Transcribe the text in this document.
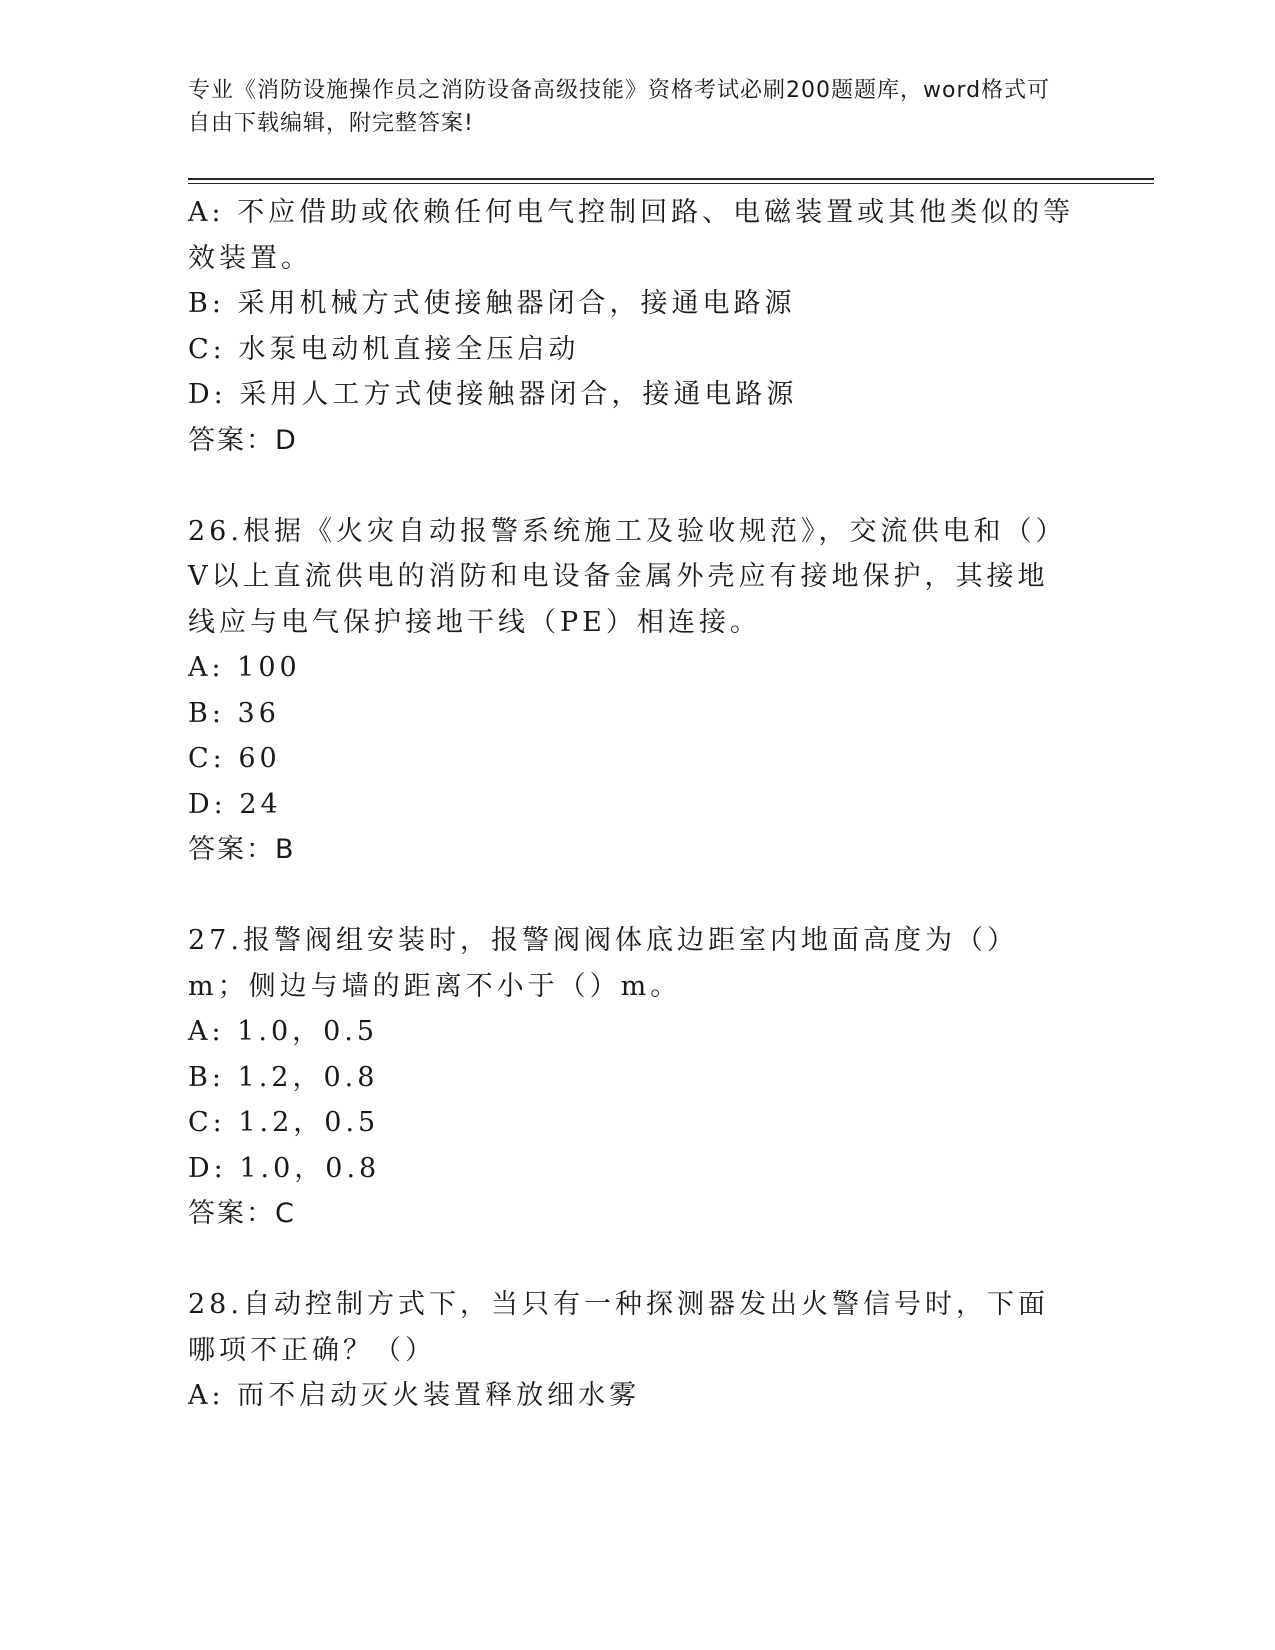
专业《消防设施操作员之消防设备高级技能》资格考试必刷200题题库，word格式可自由下载编辑，附完整答案!
A: 不应借助或依赖任何电气控制回路、电磁装置或其他类似的等效装置。
B: 采用机械方式使接触器闭合，接通电路源
C: 水泵电动机直接全压启动
D: 采用人工方式使接触器闭合，接通电路源
答案：D
26.根据《火灾自动报警系统施工及验收规范》，交流供电和（）V以上直流供电的消防和电设备金属外壳应有接地保护，其接地线应与电气保护接地干线（PE）相连接。
A: 100
B: 36
C: 60
D: 24
答案：B
27.报警阀组安装时，报警阀阀体底边距室内地面高度为（）m；侧边与墙的距离不小于（）m。
A: 1.0，0.5
B: 1.2，0.8
C: 1.2，0.5
D: 1.0，0.8
答案：C
28.自动控制方式下，当只有一种探测器发出火警信号时，下面哪项不正确？（）
A: 而不启动灭火装置释放细水雾
